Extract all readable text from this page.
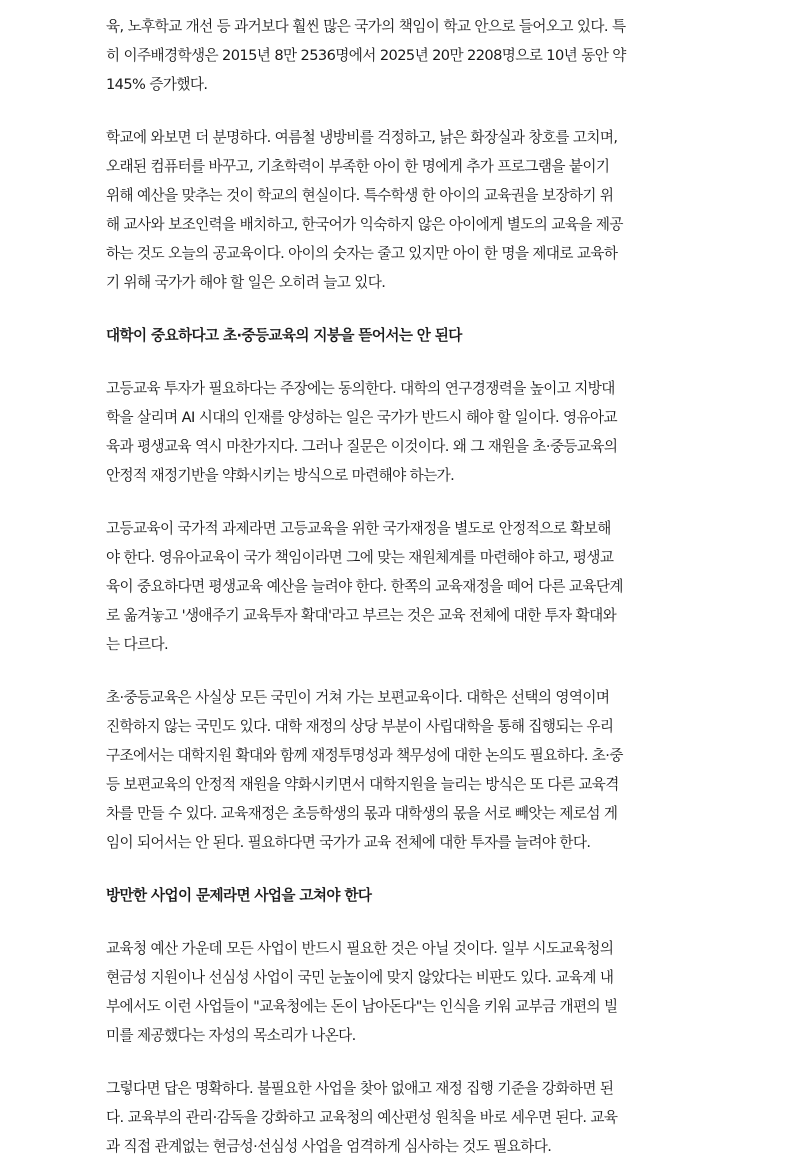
육, 노후학교 개선 등 과거보다 훨씬 많은 국가의 책임이 학교 안으로 들어오고 있다. 특
히 이주배경학생은 2015년 8만 2536명에서 2025년 20만 2208명으로 10년 동안 약
145% 증가했다.

학교에 와보면 더 분명하다. 여름철 냉방비를 걱정하고, 낡은 화장실과 창호를 고치며,
오래된 컴퓨터를 바꾸고, 기초학력이 부족한 아이 한 명에게 추가 프로그램을 붙이기
위해 예산을 맞추는 것이 학교의 현실이다. 특수학생 한 아이의 교육권을 보장하기 위
해 교사와 보조인력을 배치하고, 한국어가 익숙하지 않은 아이에게 별도의 교육을 제공
하는 것도 오늘의 공교육이다. 아이의 숫자는 줄고 있지만 아이 한 명을 제대로 교육하
기 위해 국가가 해야 할 일은 오히려 늘고 있다.

대학이 중요하다고 초·중등교육의 지붕을 뜯어서는 안 된다

고등교육 투자가 필요하다는 주장에는 동의한다. 대학의 연구경쟁력을 높이고 지방대
학을 살리며 AI 시대의 인재를 양성하는 일은 국가가 반드시 해야 할 일이다. 영유아교
육과 평생교육 역시 마찬가지다. 그러나 질문은 이것이다. 왜 그 재원을 초·중등교육의
안정적 재정기반을 약화시키는 방식으로 마련해야 하는가.

고등교육이 국가적 과제라면 고등교육을 위한 국가재정을 별도로 안정적으로 확보해
야 한다. 영유아교육이 국가 책임이라면 그에 맞는 재원체계를 마련해야 하고, 평생교
육이 중요하다면 평생교육 예산을 늘려야 한다. 한쪽의 교육재정을 떼어 다른 교육단계
로 옮겨놓고 '생애주기 교육투자 확대'라고 부르는 것은 교육 전체에 대한 투자 확대와
는 다르다.

초·중등교육은 사실상 모든 국민이 거쳐 가는 보편교육이다. 대학은 선택의 영역이며
진학하지 않는 국민도 있다. 대학 재정의 상당 부분이 사립대학을 통해 집행되는 우리
구조에서는 대학지원 확대와 함께 재정투명성과 책무성에 대한 논의도 필요하다. 초·중
등 보편교육의 안정적 재원을 약화시키면서 대학지원을 늘리는 방식은 또 다른 교육격
차를 만들 수 있다. 교육재정은 초등학생의 몫과 대학생의 몫을 서로 빼앗는 제로섬 게
임이 되어서는 안 된다. 필요하다면 국가가 교육 전체에 대한 투자를 늘려야 한다.

방만한 사업이 문제라면 사업을 고쳐야 한다

교육청 예산 가운데 모든 사업이 반드시 필요한 것은 아닐 것이다. 일부 시도교육청의
현금성 지원이나 선심성 사업이 국민 눈높이에 맞지 않았다는 비판도 있다. 교육계 내
부에서도 이런 사업들이 "교육청에는 돈이 남아돈다"는 인식을 키워 교부금 개편의 빌
미를 제공했다는 자성의 목소리가 나온다.

그렇다면 답은 명확하다. 불필요한 사업을 찾아 없애고 재정 집행 기준을 강화하면 된
다. 교육부의 관리·감독을 강화하고 교육청의 예산편성 원칙을 바로 세우면 된다. 교육
과 직접 관계없는 현금성·선심성 사업을 엄격하게 심사하는 것도 필요하다.
